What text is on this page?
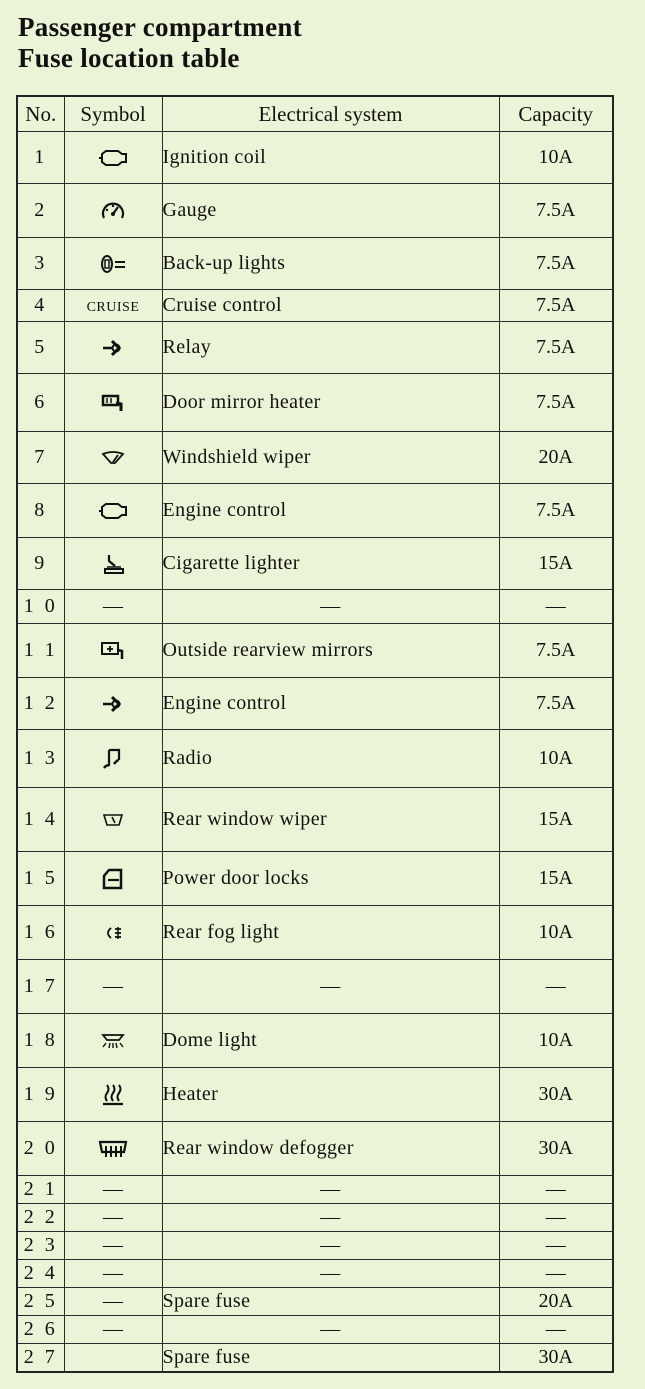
Passenger compartment
Fuse location table
No.	Symbol	Electrical system	Capacity
1		Ignition coil	10A
2		Gauge	7.5A
3		Back-up lights	7.5A
4	CRUISE	Cruise control	7.5A
5		Relay	7.5A
6		Door mirror heater	7.5A
7		Windshield wiper	20A
8		Engine control	7.5A
9		Cigarette lighter	15A
1 0	—	—	—
1 1		Outside rearview mirrors	7.5A
1 2		Engine control	7.5A
1 3		Radio	10A
1 4		Rear window wiper	15A
1 5		Power door locks	15A
1 6		Rear fog light	10A
1 7	—	—	—
1 8		Dome light	10A
1 9		Heater	30A
2 0		Rear window defogger	30A
2 1	—	—	—
2 2	—	—	—
2 3	—	—	—
2 4	—	—	—
2 5	—	Spare fuse	20A
2 6	—	—	—
2 7		Spare fuse	30A
